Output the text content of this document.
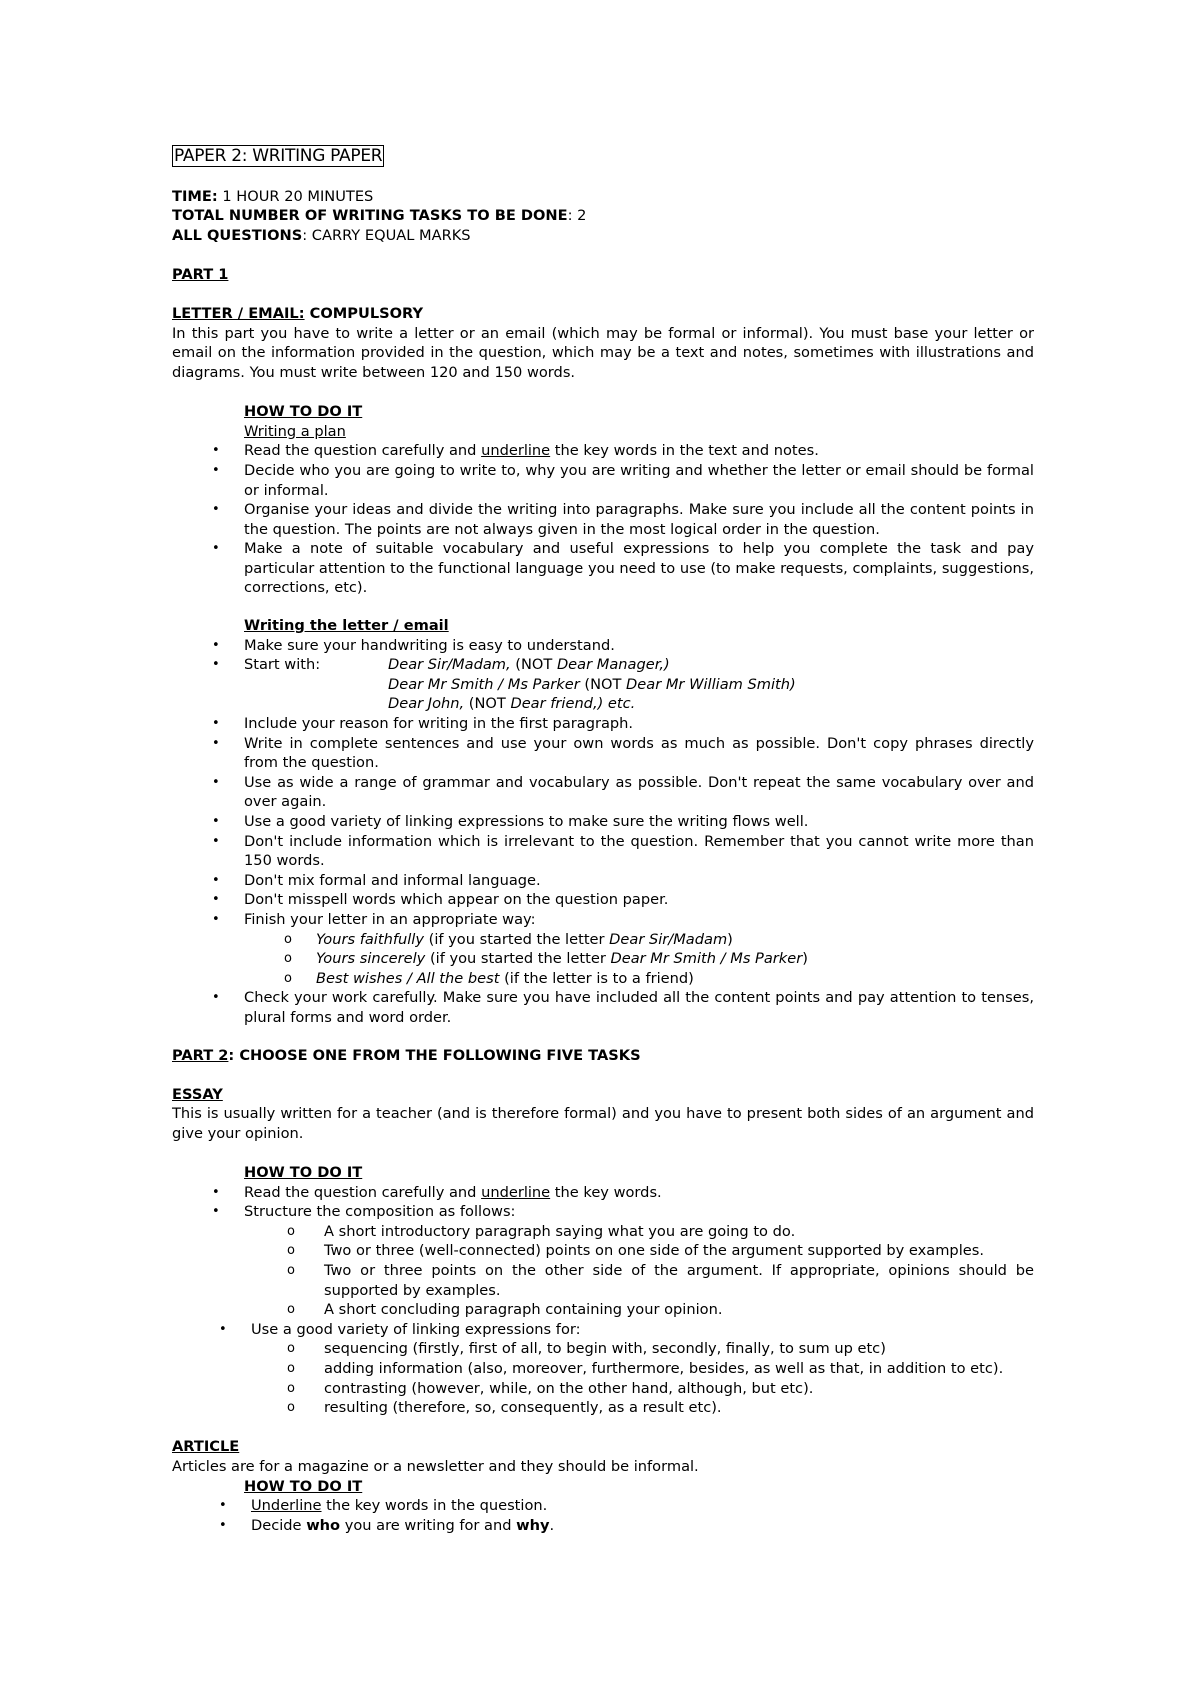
PAPER 2: WRITING PAPER

TIME: 1 HOUR 20 MINUTES

TOTAL NUMBER OF WRITING TASKS TO BE DONE: 2

ALL QUESTIONS: CARRY EQUAL MARKS

PART 1

LETTER / EMAIL: COMPULSORY

In this part you have to write a letter or an email (which may be formal or informal). You must base your letter or email on the information provided in the question, which may be a text and notes, sometimes with illustrations and diagrams. You must write between 120 and 150 words.

HOW TO DO IT

Writing a plan

• Read the question carefully and underline the key words in the text and notes.
• Decide who you are going to write to, why you are writing and whether the letter or email should be formal or informal.
• Organise your ideas and divide the writing into paragraphs. Make sure you include all the content points in the question. The points are not always given in the most logical order in the question.
• Make a note of suitable vocabulary and useful expressions to help you complete the task and pay particular attention to the functional language you need to use (to make requests, complaints, suggestions, corrections, etc).

Writing the letter / email

• Make sure your handwriting is easy to understand.
• Start with:	Dear Sir/Madam, (NOT Dear Manager,)

Dear Mr Smith / Ms Parker (NOT Dear Mr William Smith)

Dear John, (NOT Dear friend,) etc.

• Include your reason for writing in the first paragraph.
• Write in complete sentences and use your own words as much as possible. Don't copy phrases directly from the question.
• Use as wide a range of grammar and vocabulary as possible. Don't repeat the same vocabulary over and over again.
• Use a good variety of linking expressions to make sure the writing flows well.
• Don't include information which is irrelevant to the question. Remember that you cannot write more than 150 words.
• Don't mix formal and informal language.
• Don't misspell words which appear on the question paper.
• Finish your letter in an appropriate way:
o Yours faithfully (if you started the letter Dear Sir/Madam)
o Yours sincerely (if you started the letter Dear Mr Smith / Ms Parker)
o Best wishes / All the best (if the letter is to a friend)
• Check your work carefully. Make sure you have included all the content points and pay attention to tenses, plural forms and word order.

PART 2: CHOOSE ONE FROM THE FOLLOWING FIVE TASKS

ESSAY

This is usually written for a teacher (and is therefore formal) and you have to present both sides of an argument and give your opinion.

HOW TO DO IT

• Read the question carefully and underline the key words.
• Structure the composition as follows:
o A short introductory paragraph saying what you are going to do.
o Two or three (well-connected) points on one side of the argument supported by examples.
o Two or three points on the other side of the argument. If appropriate, opinions should be supported by examples.
o A short concluding paragraph containing your opinion.
• Use a good variety of linking expressions for:
o sequencing (firstly, first of all, to begin with, secondly, finally, to sum up etc)
o adding information (also, moreover, furthermore, besides, as well as that, in addition to etc).
o contrasting (however, while, on the other hand, although, but etc).
o resulting (therefore, so, consequently, as a result etc).

ARTICLE

Articles are for a magazine or a newsletter and they should be informal.

HOW TO DO IT

• Underline the key words in the question.
• Decide who you are writing for and why.
